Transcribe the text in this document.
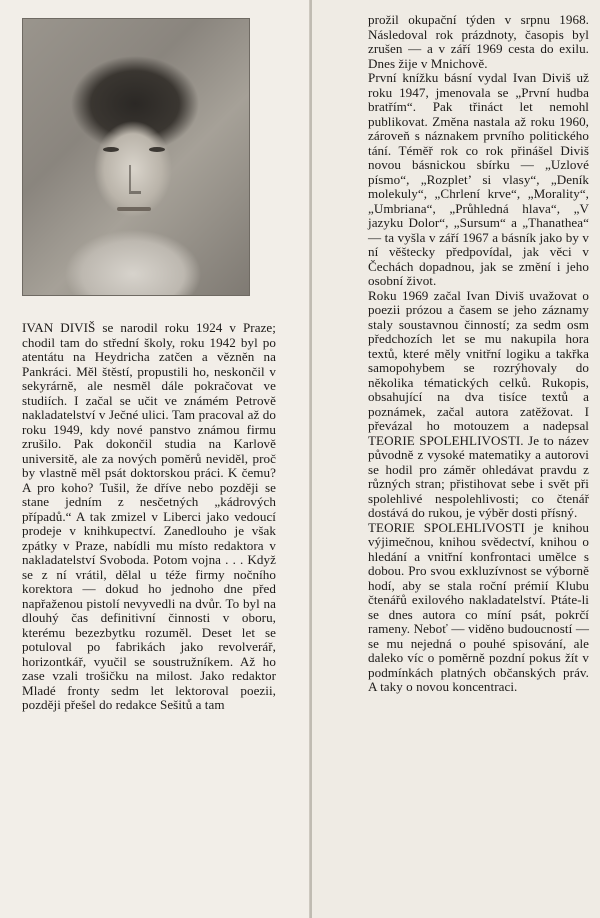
IVAN DIVIŠ se narodil roku 1924 v Praze; chodil tam do střední školy, roku 1942 byl po atentátu na Heydricha zatčen a vězněn na Pankráci. Měl štěstí, propustili ho, neskončil v sekyrárně, ale nesměl dále pokračovat ve studiích. I začal se učit ve známém Petrově nakladatelství v Ječné ulici. Tam pracoval až do roku 1949, kdy nové panstvo známou firmu zrušilo. Pak dokončil studia na Karlově universitě, ale za nových poměrů neviděl, proč by vlastně měl psát doktorskou práci. K čemu? A pro koho? Tušil, že dříve nebo později se stane jedním z nesčetných „kádrových případů.“ A tak zmizel v Liberci jako vedoucí prodeje v knihkupectví. Zanedlouho je však zpátky v Praze, nabídli mu místo redaktora v nakladatelství Svoboda. Potom vojna . . . Když se z ní vrátil, dělal u téže firmy nočního korektora — dokud ho jednoho dne před napřaženou pistolí nevyvedli na dvůr. To byl na dlouhý čas definitivní činnosti v oboru, kterému bezezbytku rozuměl. Deset let se potuloval po fabrikách jako revolverář, horizontkář, vyučil se soustružníkem. Až ho zase vzali trošičku na milost. Jako redaktor Mladé fronty sedm let lektoroval poezii, později přešel do redakce Sešitů a tam

prožil okupační týden v srpnu 1968. Následoval rok prázdnoty, časopis byl zrušen — a v září 1969 cesta do exilu. Dnes žije v Mnichově.

První knížku básní vydal Ivan Diviš už roku 1947, jmenovala se „První hudba bratřím“. Pak třináct let nemohl publikovat. Změna nastala až roku 1960, zároveň s náznakem prvního politického tání. Téměř rok co rok přinášel Diviš novou básnickou sbírku — „Uzlové písmo“, „Rozplet’ si vlasy“, „Deník molekuly“, „Chrlení krve“, „Morality“, „Umbriana“, „Průhledná hlava“, „V jazyku Dolor“, „Sursum“ a „Thanathea“ — ta vyšla v září 1967 a básník jako by v ní věštecky předpovídal, jak věci v Čechách dopadnou, jak se změní i jeho osobní život.

Roku 1969 začal Ivan Diviš uvažovat o poezii prózou a časem se jeho záznamy staly soustavnou činností; za sedm osm předchozích let se mu nakupila hora textů, které měly vnitřní logiku a takřka samopohybem se rozrýhovaly do několika tématických celků. Rukopis, obsahující na dva tisíce textů a poznámek, začal autora zatěžovat. I převázal ho motouzem a nadepsal TEORIE SPOLEHLIVOSTI. Je to název původně z vysoké matematiky a autorovi se hodil pro záměr ohledávat pravdu z různých stran; přistihovat sebe i svět při spolehlivé nespolehlivosti; co čtenář dostává do rukou, je výběr dosti přísný.

TEORIE SPOLEHLIVOSTI je knihou výjimečnou, knihou svědectví, knihou o hledání a vnitřní konfrontaci umělce s dobou. Pro svou exkluzívnost se výborně hodí, aby se stala roční prémií Klubu čtenářů exilového nakladatelství. Ptáte-li se dnes autora co míní psát, pokrčí rameny. Neboť — viděno budoucností — se mu nejedná o pouhé spisování, ale daleko víc o poměrně pozdní pokus žít v podmínkách platných občanských práv. A taky o novou koncentraci.
